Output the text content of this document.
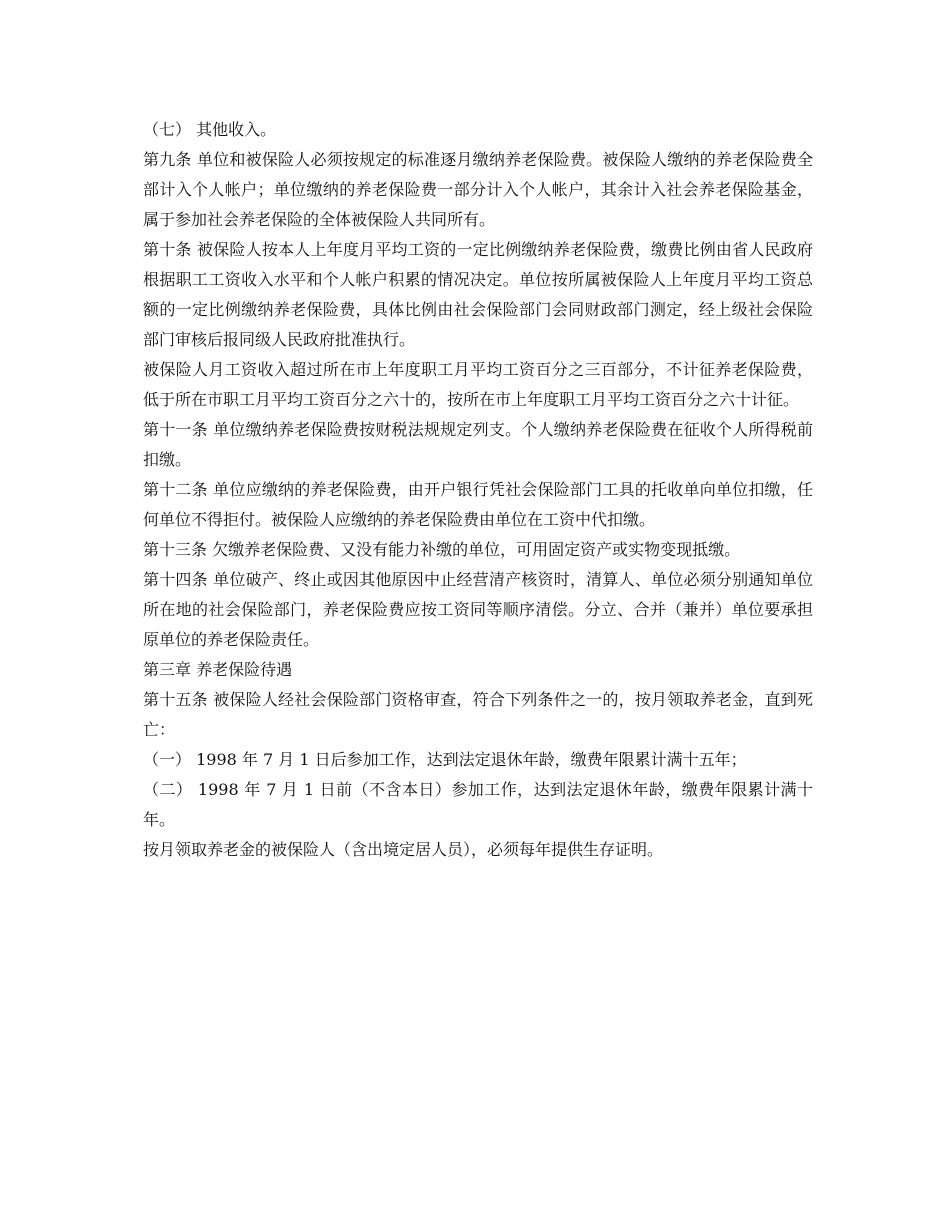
（七） 其他收入。

第九条 单位和被保险人必须按规定的标准逐月缴纳养老保险费。被保险人缴纳的养老保险费全部计入个人帐户；单位缴纳的养老保险费一部分计入个人帐户，其余计入社会养老保险基金，属于参加社会养老保险的全体被保险人共同所有。

第十条 被保险人按本人上年度月平均工资的一定比例缴纳养老保险费，缴费比例由省人民政府根据职工工资收入水平和个人帐户积累的情况决定。单位按所属被保险人上年度月平均工资总额的一定比例缴纳养老保险费，具体比例由社会保险部门会同财政部门测定，经上级社会保险部门审核后报同级人民政府批准执行。

被保险人月工资收入超过所在市上年度职工月平均工资百分之三百部分，不计征养老保险费，低于所在市职工月平均工资百分之六十的，按所在市上年度职工月平均工资百分之六十计征。

第十一条 单位缴纳养老保险费按财税法规规定列支。个人缴纳养老保险费在征收个人所得税前扣缴。

第十二条 单位应缴纳的养老保险费，由开户银行凭社会保险部门工具的托收单向单位扣缴，任何单位不得拒付。被保险人应缴纳的养老保险费由单位在工资中代扣缴。

第十三条 欠缴养老保险费、又没有能力补缴的单位，可用固定资产或实物变现抵缴。

第十四条 单位破产、终止或因其他原因中止经营清产核资时，清算人、单位必须分别通知单位所在地的社会保险部门，养老保险费应按工资同等顺序清偿。分立、合并（兼并）单位要承担原单位的养老保险责任。

第三章 养老保险待遇

第十五条 被保险人经社会保险部门资格审查，符合下列条件之一的，按月领取养老金，直到死亡：

（一） 1998 年 7 月 1 日后参加工作，达到法定退休年龄，缴费年限累计满十五年；

（二） 1998 年 7 月 1 日前（不含本日）参加工作，达到法定退休年龄，缴费年限累计满十年。

按月领取养老金的被保险人（含出境定居人员），必须每年提供生存证明。
